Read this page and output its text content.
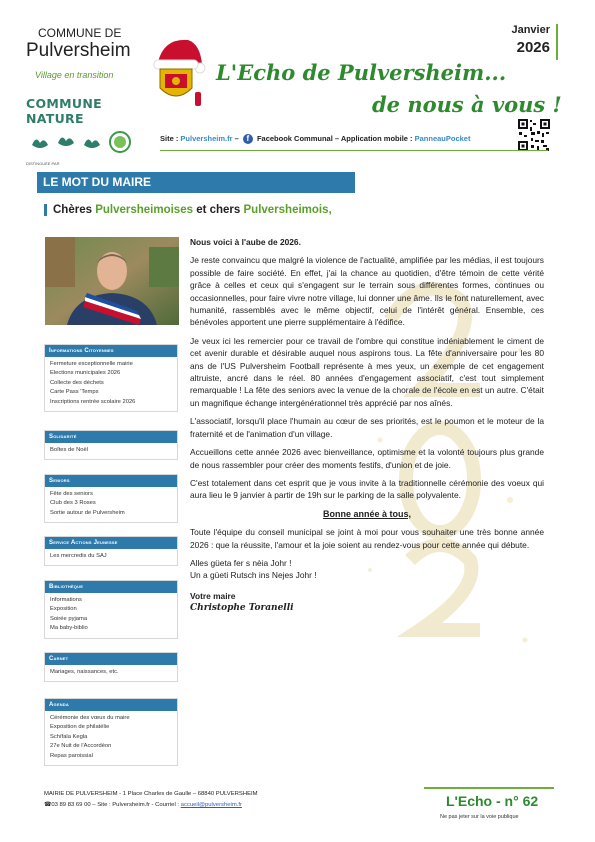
COMMUNE DE
Pulversheim
Village en transition
COMMUNE NATURE
DISTINGUÉE PAR
L'Echo de Pulversheim...
de nous à vous !
Janvier
2026
Site : Pulversheim.fr – f Facebook Communal – Application mobile : PanneauPocket
LE MOT DU MAIRE
Chères Pulversheimoises et chers Pulversheimois,
Informations Citoyennes
Fermeture exceptionnelle mairie
Elections municipales 2026
Collecte des déchets
Carte Pass 'Temps
Inscriptions rentrée scolaire 2026
Solidarité
Boîtes de Noël
Seniors
Fête des seniors
Club des 3 Roses
Sortie autour de Pulversheim
Service Actions Jeunesse
Les mercredis du SAJ
Bibliothèque
Informations
Exposition
Soirée pyjama
Ma baby-biblio
Carnet
Mariages, naissances, etc.
Agenda
Cérémonie des vœux du maire
Exposition de philatélie
Schïfala Kegla
27e Nuit de l'Accordéon
Repas paroissial

Nous voici à l'aube de 2026.

Je reste convaincu que malgré la violence de l'actualité, amplifiée par les médias, il est toujours possible de faire société. En effet, j'ai la chance au quotidien, d'être témoin de cette vérité grâce à celles et ceux qui s'engagent sur le terrain sous différentes formes, continues ou occasionnelles, pour faire vivre notre village, lui donner une âme. Ils le font naturellement, avec humanité, rassemblés avec le même objectif, celui de l'intérêt général. Ensemble, ces bénévoles apportent une pierre supplémentaire à l'édifice.

Je veux ici les remercier pour ce travail de l'ombre qui constitue indéniablement le ciment de cet avenir durable et désirable auquel nous aspirons tous. La fête d'anniversaire pour les 80 ans de l'US Pulversheim Football représente à mes yeux, un exemple de cet engagement altruiste, ancré dans le réel. 80 années d'engagement associatif, c'est tout simplement remarquable ! La fête des seniors avec la venue de la chorale de l'école en est un autre. C'était un magnifique échange intergénérationnel très apprécié par nos aînés.

L'associatif, lorsqu'il place l'humain au cœur de ses priorités, est le poumon et le moteur de la fraternité et de l'animation d'un village.

Accueillons cette année 2026 avec bienveillance, optimisme et la volonté toujours plus grande de nous rassembler pour créer des moments festifs, d'union et de joie.

C'est totalement dans cet esprit que je vous invite à la traditionnelle cérémonie des voeux qui aura lieu le 9 janvier à partir de 19h sur le parking de la salle polyvalente.

Bonne année à tous,

Toute l'équipe du conseil municipal se joint à moi pour vous souhaiter une très bonne année 2026 : que la réussite, l'amour et la joie soient au rendez-vous pour cette année qui débute.

Alles güeta fer s nèia Johr !

Un a güeti Rutsch ins Nejes Johr !

Votre maire

Christophe Toranelli

MAIRIE DE PULVERSHEIM - 1 Place Charles de Gaulle – 68840 PULVERSHEIM
☎03 89 83 69 00 – Site : Pulversheim.fr - Courriel : accueil@pulversheim.fr	L'Echo - n° 62
Ne pas jeter sur la voie publique
